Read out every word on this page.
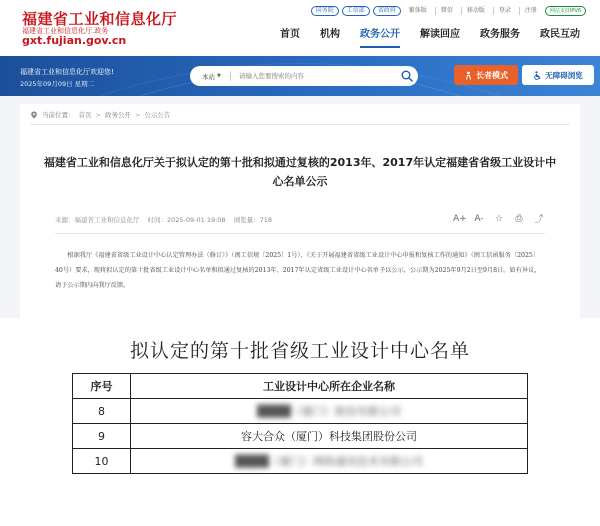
福建省工业和信息化厅
福建省工业和信息化厅.政务
gxt.fujian.gov.cn
国务院	工信部	省政府	繁体版	微信	移动版	登录	注册	网站支持IPV6
首页	机构	政务公开	解读回应	政务服务	政民互动
福建省工业和信息化厅欢迎您!
2025年09月09日 星期二
本站 ▼
请输入您要搜索的内容	长者模式	无障碍浏览
当前位置： 首页 > 政务公开 > 公示公告
福建省工业和信息化厅关于拟认定的第十批和拟通过复核的2013年、2017年认定福建省省级工业设计中心名单公示
来源：福建省工业和信息化厅 时间：2025-09-01 19:08 浏览量：718	A+ A- ☆ ⎙ ⤴
根据我厅《福建省省级工业设计中心认定管理办法（修订）》（闽工信规〔2025〕1号）、《关于开展福建省省级工业设计中心申报和复核工作的通知》（闽工信函服务〔2025〕40号）要求，现将拟认定的第十批省级工业设计中心名单和拟通过复核的2013年、2017年认定省级工业设计中心名单予以公示，公示期为2025年9月2日至9月8日。如有异议，请于公示期内向我厅反馈。
拟认定的第十批省级工业设计中心名单
序号	工业设计中心所在企业名称
8	████（厦门）股份有限公司
9	容大合众（厦门）科技集团股份公司
10	████（厦门）网络通讯技术有限公司
